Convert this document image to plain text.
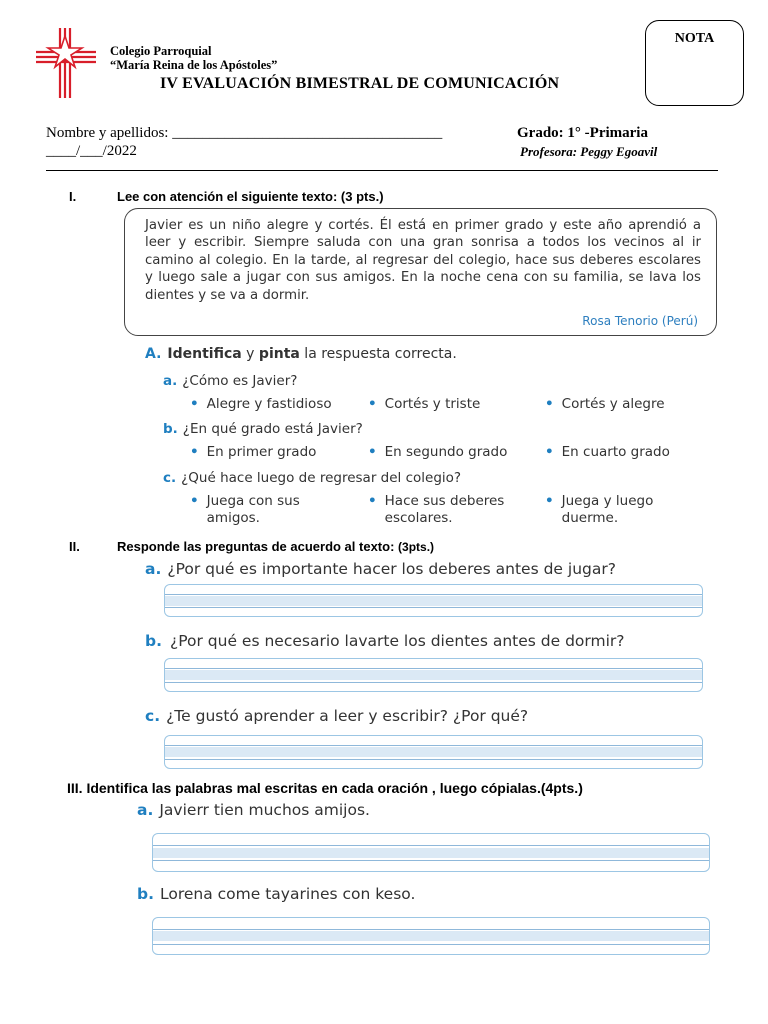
Colegio Parroquial
“María Reina de los Apóstoles”
IV EVALUACIÓN BIMESTRAL DE COMUNICACIÓN
NOTA
Nombre y apellidos: ____________________________________	Grado: 1° -Primaria
____/___/2022	Profesora: Peggy Egoavil
I.	Lee con atención el siguiente texto: (3 pts.)
Javier es un niño alegre y cortés. Él está en primer grado y este año aprendió a leer y escribir. Siempre saluda con una gran sonrisa a todos los vecinos al ir camino al colegio. En la tarde, al regresar del colegio, hace sus deberes escolares y luego sale a jugar con sus amigos. En la noche cena con su familia, se lava los dientes y se va a dormir.
Rosa Tenorio (Perú)
A. Identifica y pinta la respuesta correcta.
a. ¿Cómo es Javier?
• Alegre y fastidioso	• Cortés y triste	• Cortés y alegre
b. ¿En qué grado está Javier?
• En primer grado	• En segundo grado	• En cuarto grado
c. ¿Qué hace luego de regresar del colegio?
• Juega con sus amigos.
• Hace sus deberes escolares.
• Juega y luego duerme.
II.	Responde las preguntas de acuerdo al texto: (3pts.)
a. ¿Por qué es importante hacer los deberes antes de jugar?
b. ¿Por qué es necesario lavarte los dientes antes de dormir?
c. ¿Te gustó aprender a leer y escribir? ¿Por qué?
III. Identifica las palabras mal escritas en cada oración , luego cópialas.(4pts.)
a. Javierr tien muchos amijos.
b. Lorena come tayarines con keso.
